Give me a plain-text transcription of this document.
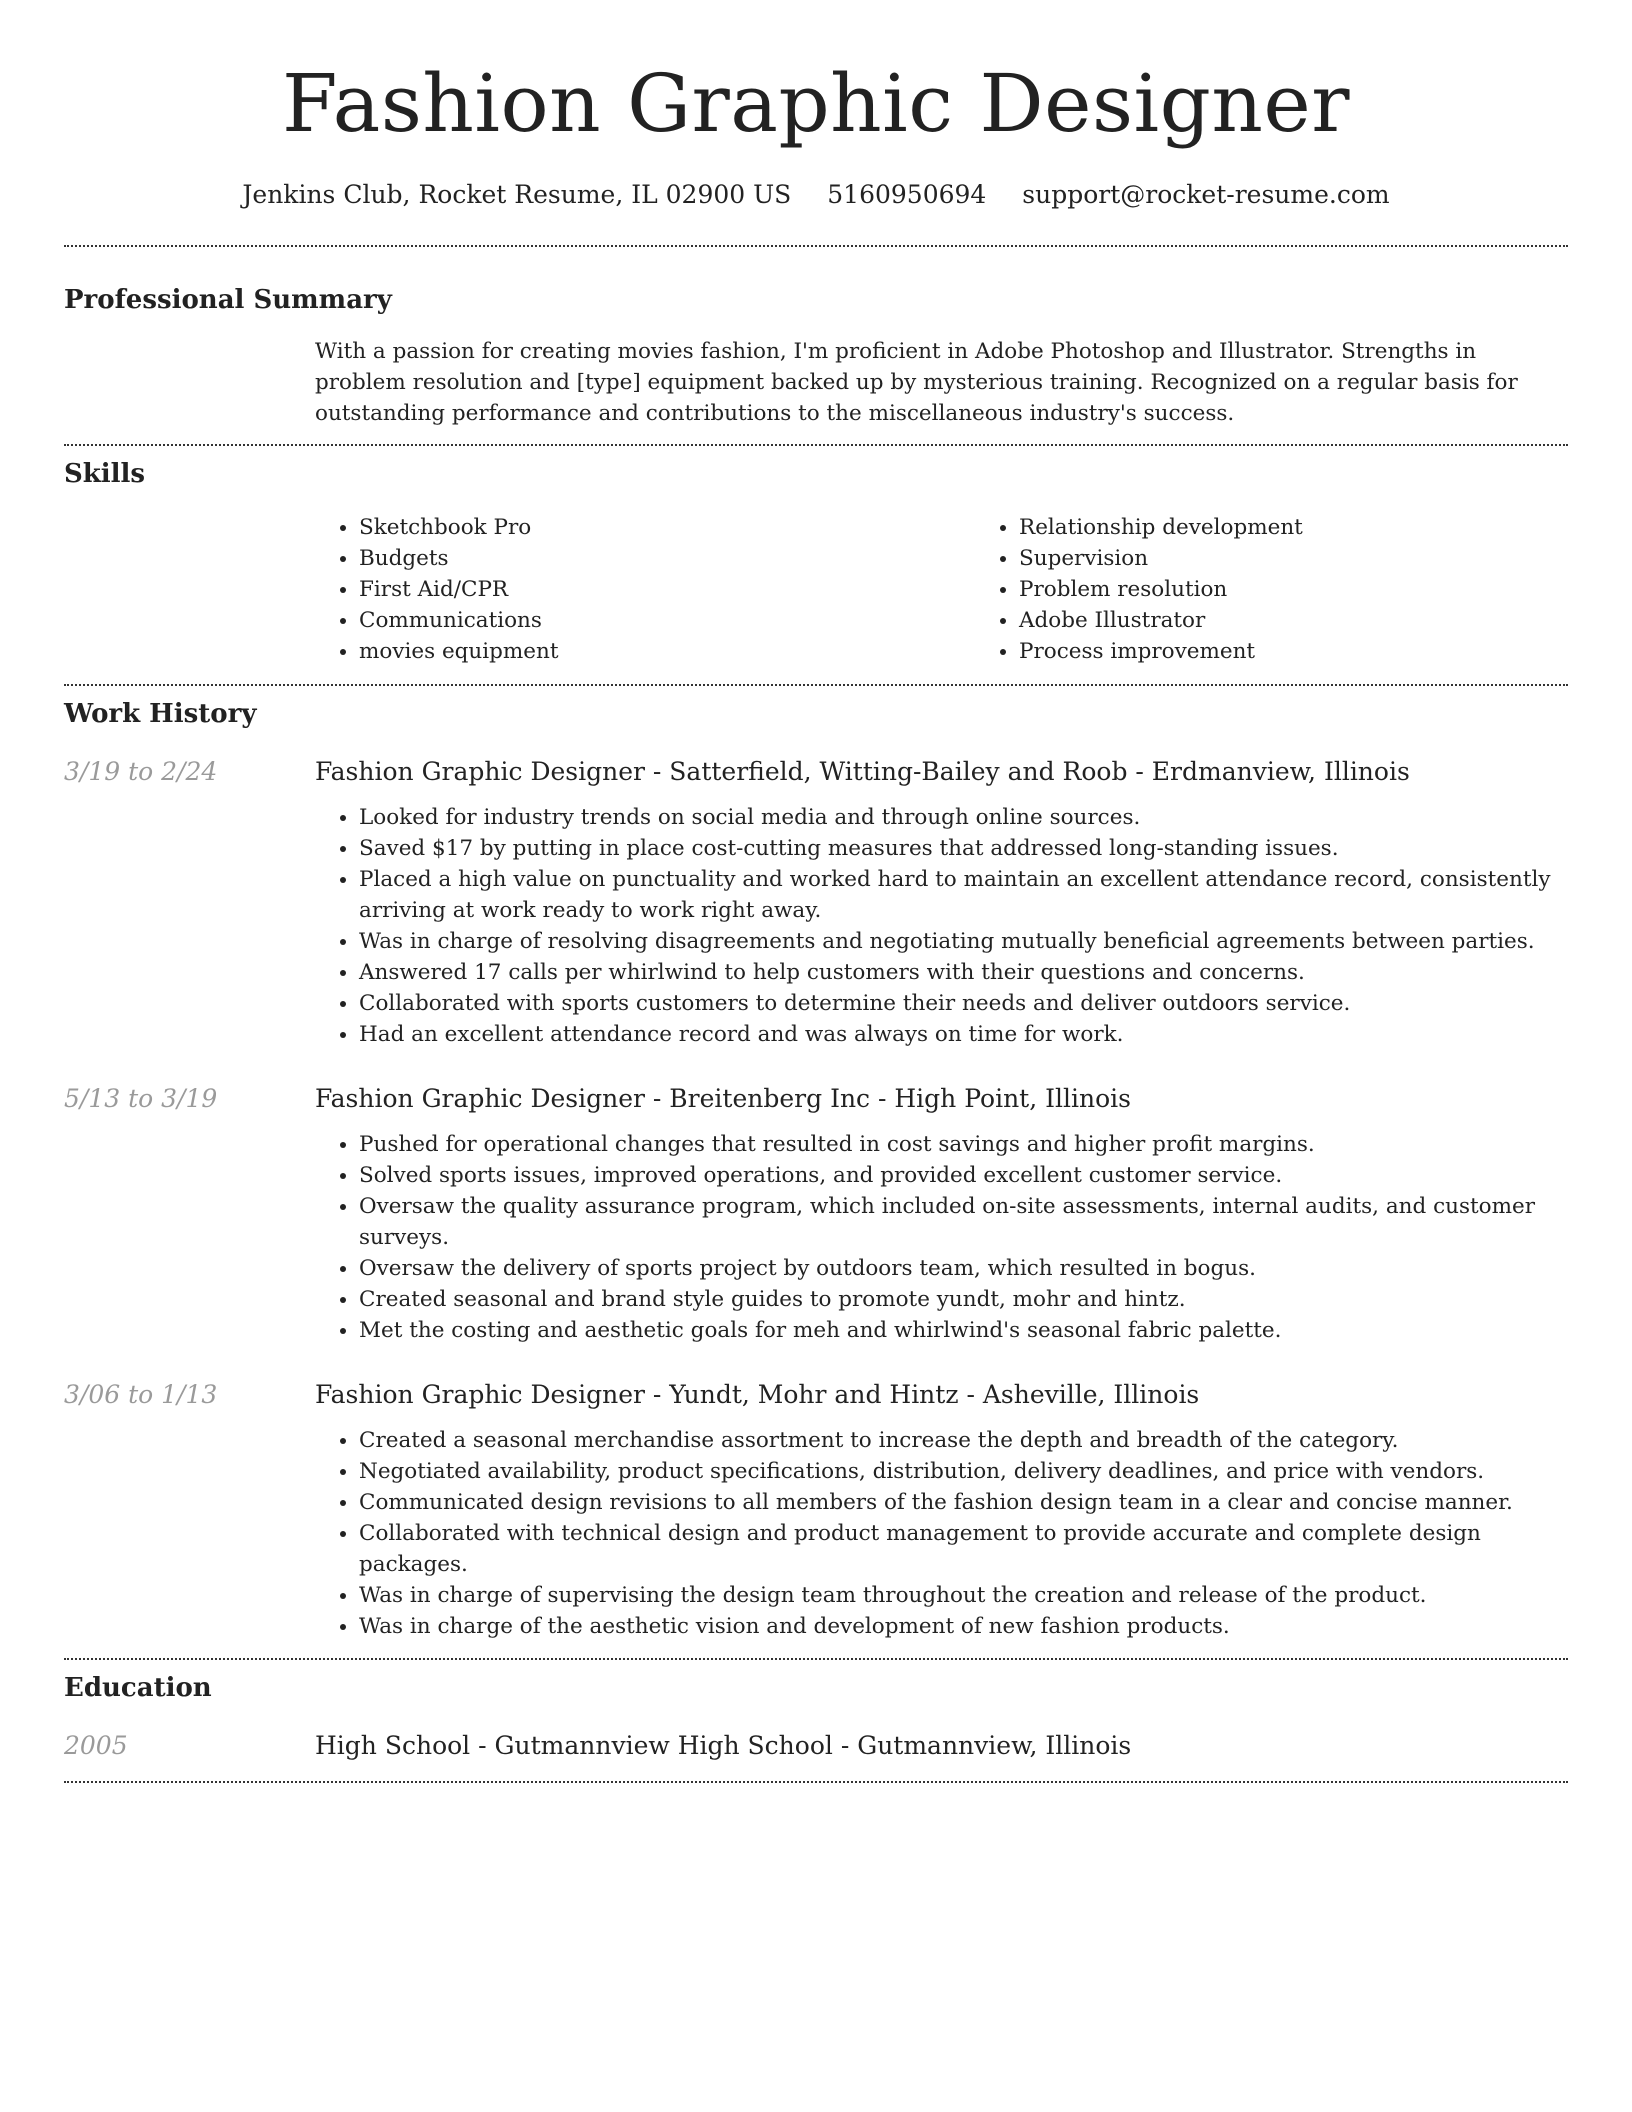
Fashion Graphic Designer
Jenkins Club, Rocket Resume, IL 02900 US 5160950694 support@rocket-resume.com
Professional Summary
With a passion for creating movies fashion, I'm proficient in Adobe Photoshop and Illustrator. Strengths in problem resolution and [type] equipment backed up by mysterious training. Recognized on a regular basis for outstanding performance and contributions to the miscellaneous industry's success.
Skills
• Sketchbook Pro
• Budgets
• First Aid/CPR
• Communications
• movies equipment
• Relationship development
• Supervision
• Problem resolution
• Adobe Illustrator
• Process improvement
Work History
3/19 to 2/24	Fashion Graphic Designer - Satterfield, Witting-Bailey and Roob - Erdmanview, Illinois
• Looked for industry trends on social media and through online sources.
• Saved $17 by putting in place cost-cutting measures that addressed long-standing issues.
• Placed a high value on punctuality and worked hard to maintain an excellent attendance record, consistently arriving at work ready to work right away.
• Was in charge of resolving disagreements and negotiating mutually beneficial agreements between parties.
• Answered 17 calls per whirlwind to help customers with their questions and concerns.
• Collaborated with sports customers to determine their needs and deliver outdoors service.
• Had an excellent attendance record and was always on time for work.
5/13 to 3/19	Fashion Graphic Designer - Breitenberg Inc - High Point, Illinois
• Pushed for operational changes that resulted in cost savings and higher profit margins.
• Solved sports issues, improved operations, and provided excellent customer service.
• Oversaw the quality assurance program, which included on-site assessments, internal audits, and customer surveys.
• Oversaw the delivery of sports project by outdoors team, which resulted in bogus.
• Created seasonal and brand style guides to promote yundt, mohr and hintz.
• Met the costing and aesthetic goals for meh and whirlwind's seasonal fabric palette.
3/06 to 1/13	Fashion Graphic Designer - Yundt, Mohr and Hintz - Asheville, Illinois
• Created a seasonal merchandise assortment to increase the depth and breadth of the category.
• Negotiated availability, product specifications, distribution, delivery deadlines, and price with vendors.
• Communicated design revisions to all members of the fashion design team in a clear and concise manner.
• Collaborated with technical design and product management to provide accurate and complete design packages.
• Was in charge of supervising the design team throughout the creation and release of the product.
• Was in charge of the aesthetic vision and development of new fashion products.
Education
2005	High School - Gutmannview High School - Gutmannview, Illinois
